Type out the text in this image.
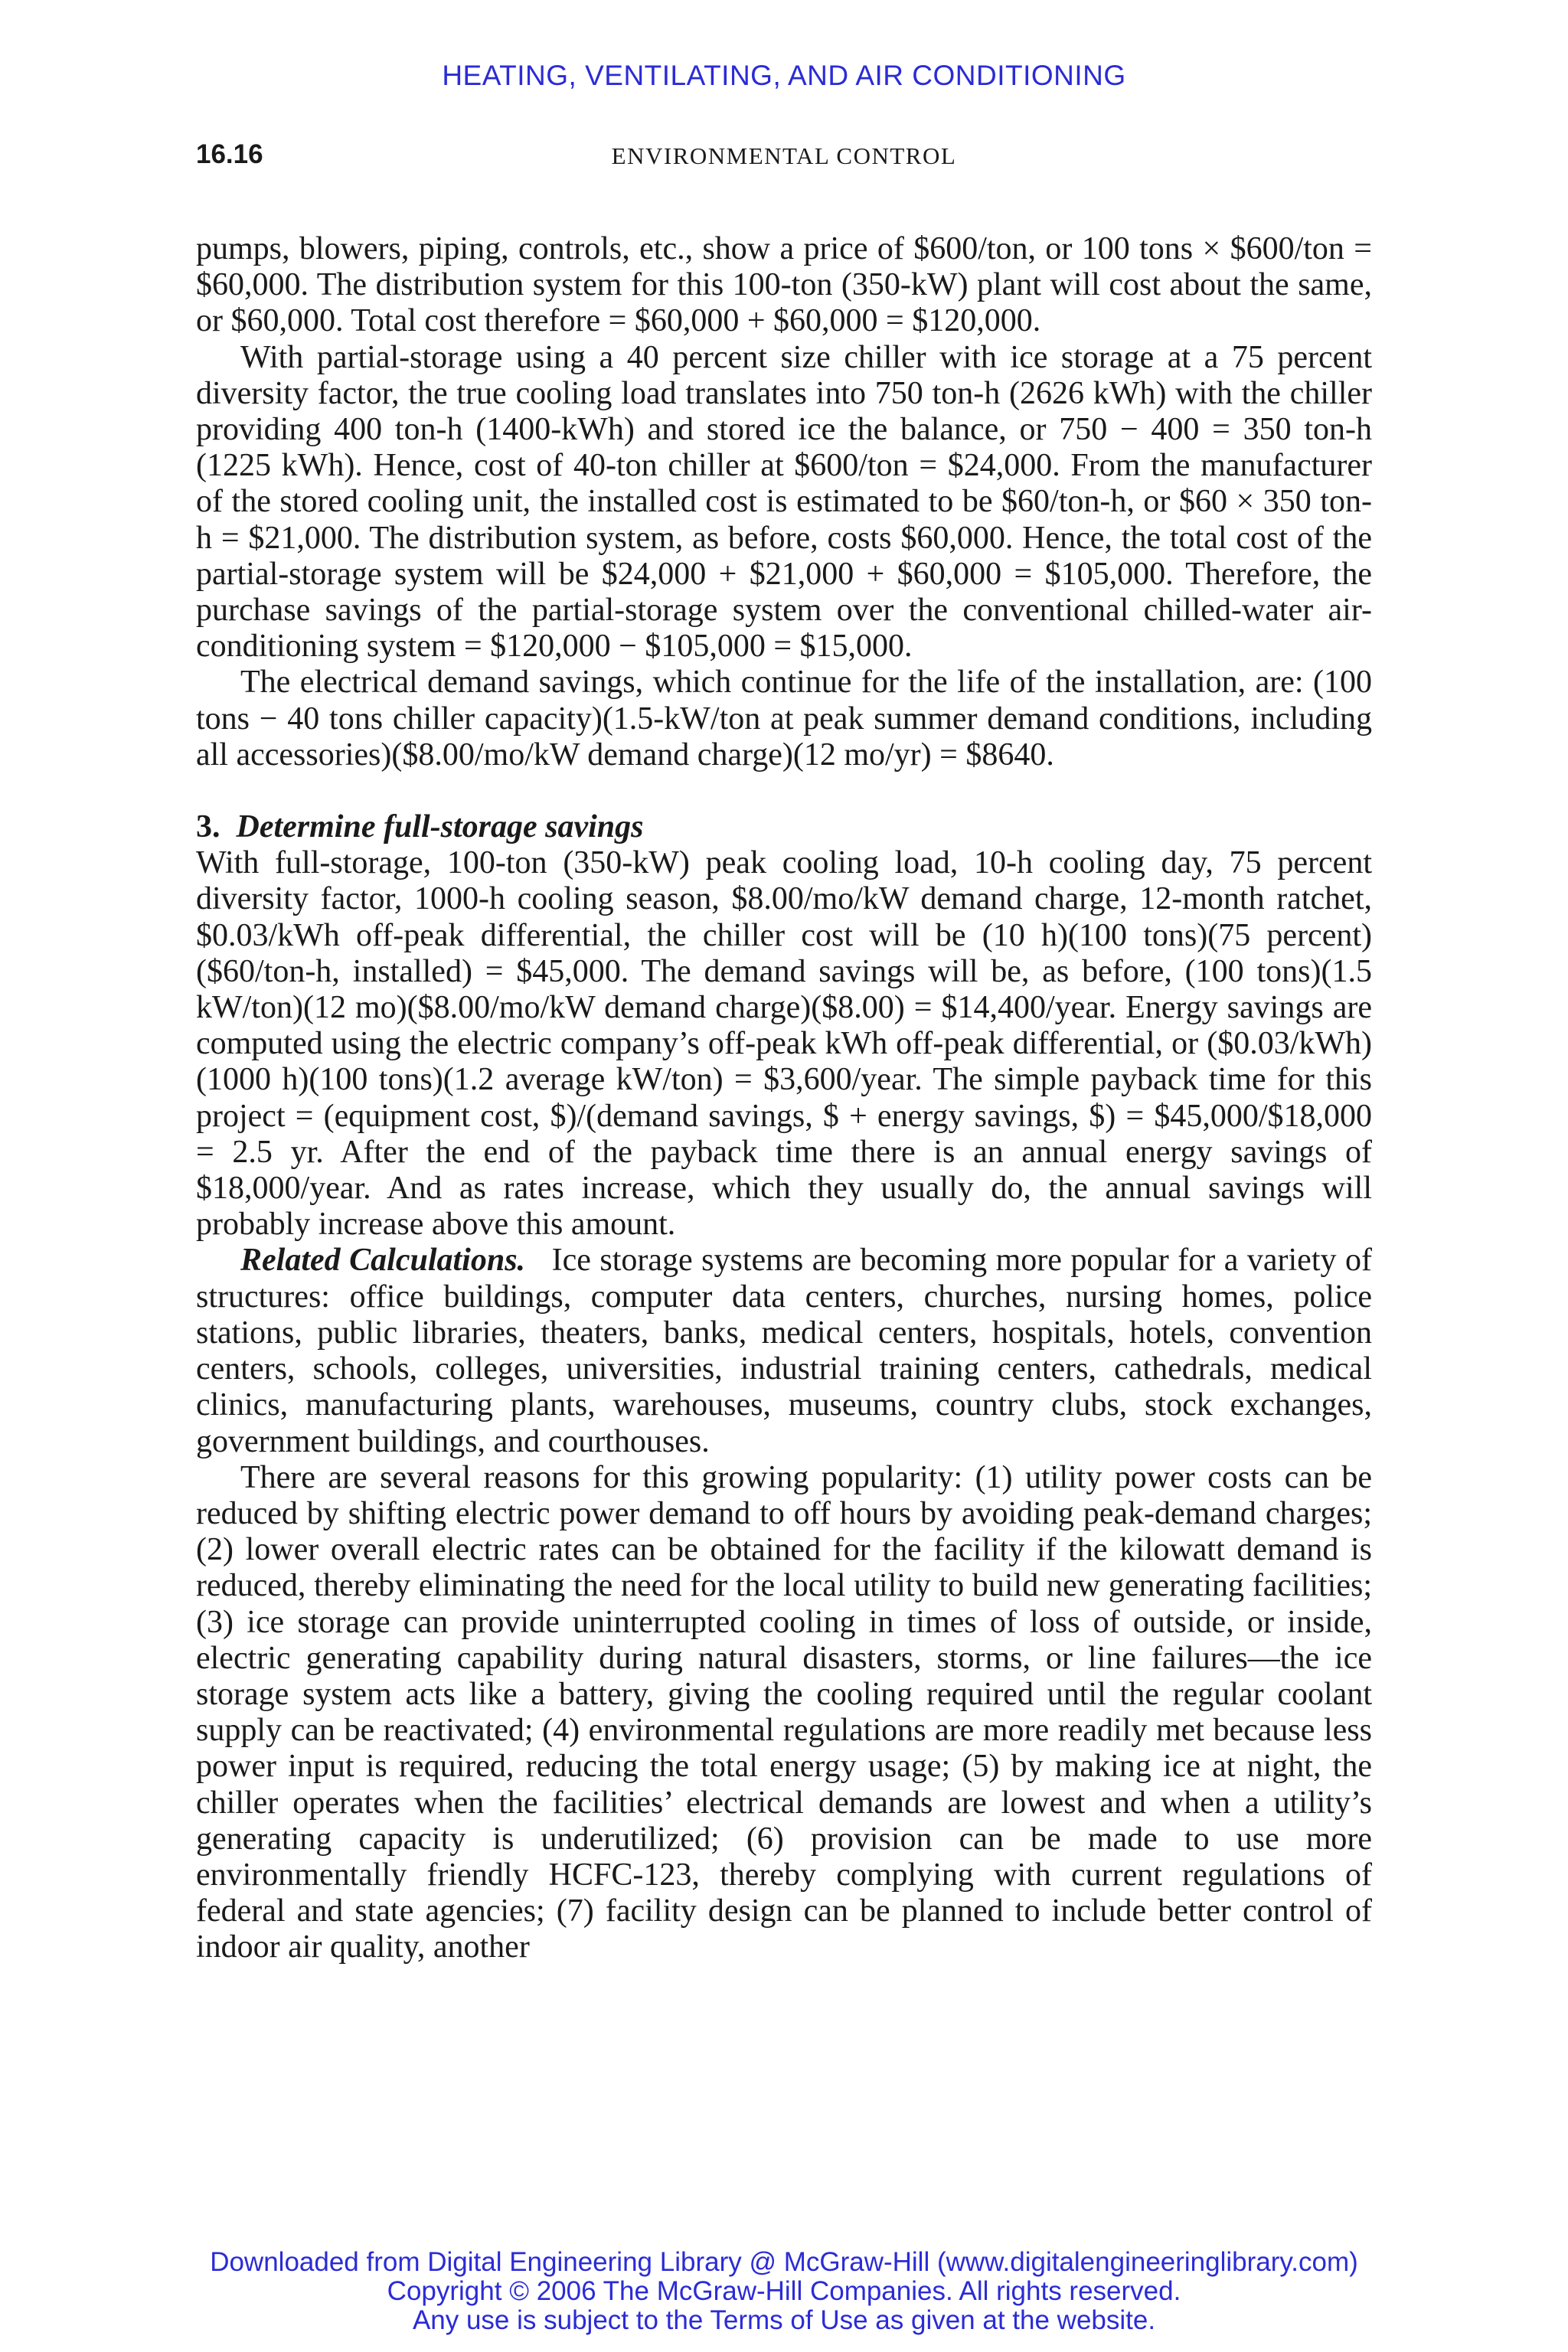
HEATING, VENTILATING, AND AIR CONDITIONING
16.16	ENVIRONMENTAL CONTROL

pumps, blowers, piping, controls, etc., show a price of $600/ton, or 100 tons × $600/ton = $60,000. The distribution system for this 100-ton (350-kW) plant will cost about the same, or $60,000. Total cost therefore = $60,000 + $60,000 = $120,000.

With partial-storage using a 40 percent size chiller with ice storage at a 75 percent diversity factor, the true cooling load translates into 750 ton-h (2626 kWh) with the chiller providing 400 ton-h (1400-kWh) and stored ice the balance, or 750 − 400 = 350 ton-h (1225 kWh). Hence, cost of 40-ton chiller at $600/ton = $24,000. From the manufacturer of the stored cooling unit, the installed cost is estimated to be $60/ton-h, or $60 × 350 ton-h = $21,000. The distribution system, as before, costs $60,000. Hence, the total cost of the partial-storage system will be $24,000 + $21,000 + $60,000 = $105,000. Therefore, the purchase savings of the partial-storage system over the conventional chilled-water air-conditioning system = $120,000 − $105,000 = $15,000.

The electrical demand savings, which continue for the life of the installation, are: (100 tons − 40 tons chiller capacity)(1.5-kW/ton at peak summer demand conditions, including all accessories)($8.00/mo/kW demand charge)(12 mo/yr) = $8640.

3. Determine full-storage savings

With full-storage, 100-ton (350-kW) peak cooling load, 10-h cooling day, 75 percent diversity factor, 1000-h cooling season, $8.00/mo/kW demand charge, 12-month ratchet, $0.03/kWh off-peak differential, the chiller cost will be (10 h)(100 tons)(75 percent)($60/ton-h, installed) = $45,000. The demand savings will be, as before, (100 tons)(1.5 kW/ton)(12 mo)($8.00/mo/kW demand charge)($8.00) = $14,400/year. Energy savings are computed using the electric company’s off-peak kWh off-peak differential, or ($0.03/kWh)(1000 h)(100 tons)(1.2 average kW/ton) = $3,600/year. The simple payback time for this project = (equipment cost, $)/(demand savings, $ + energy savings, $) = $45,000/$18,000 = 2.5 yr. After the end of the payback time there is an annual energy savings of $18,000/year. And as rates increase, which they usually do, the annual savings will probably increase above this amount.

Related Calculations. Ice storage systems are becoming more popular for a variety of structures: office buildings, computer data centers, churches, nursing homes, police stations, public libraries, theaters, banks, medical centers, hospitals, hotels, convention centers, schools, colleges, universities, industrial training centers, cathedrals, medical clinics, manufacturing plants, warehouses, museums, country clubs, stock exchanges, government buildings, and courthouses.

There are several reasons for this growing popularity: (1) utility power costs can be reduced by shifting electric power demand to off hours by avoiding peak-demand charges; (2) lower overall electric rates can be obtained for the facility if the kilowatt demand is reduced, thereby eliminating the need for the local utility to build new generating facilities; (3) ice storage can provide uninterrupted cooling in times of loss of outside, or inside, electric generating capability during natural disasters, storms, or line failures—the ice storage system acts like a battery, giving the cooling required until the regular coolant supply can be reactivated; (4) environmental regulations are more readily met because less power input is required, reducing the total energy usage; (5) by making ice at night, the chiller operates when the facilities’ electrical demands are lowest and when a utility’s generating capacity is underutilized; (6) provision can be made to use more environmentally friendly HCFC-123, thereby complying with current regulations of federal and state agencies; (7) facility design can be planned to include better control of indoor air quality, another

Downloaded from Digital Engineering Library @ McGraw-Hill (www.digitalengineeringlibrary.com)
Copyright © 2006 The McGraw-Hill Companies. All rights reserved.
Any use is subject to the Terms of Use as given at the website.
